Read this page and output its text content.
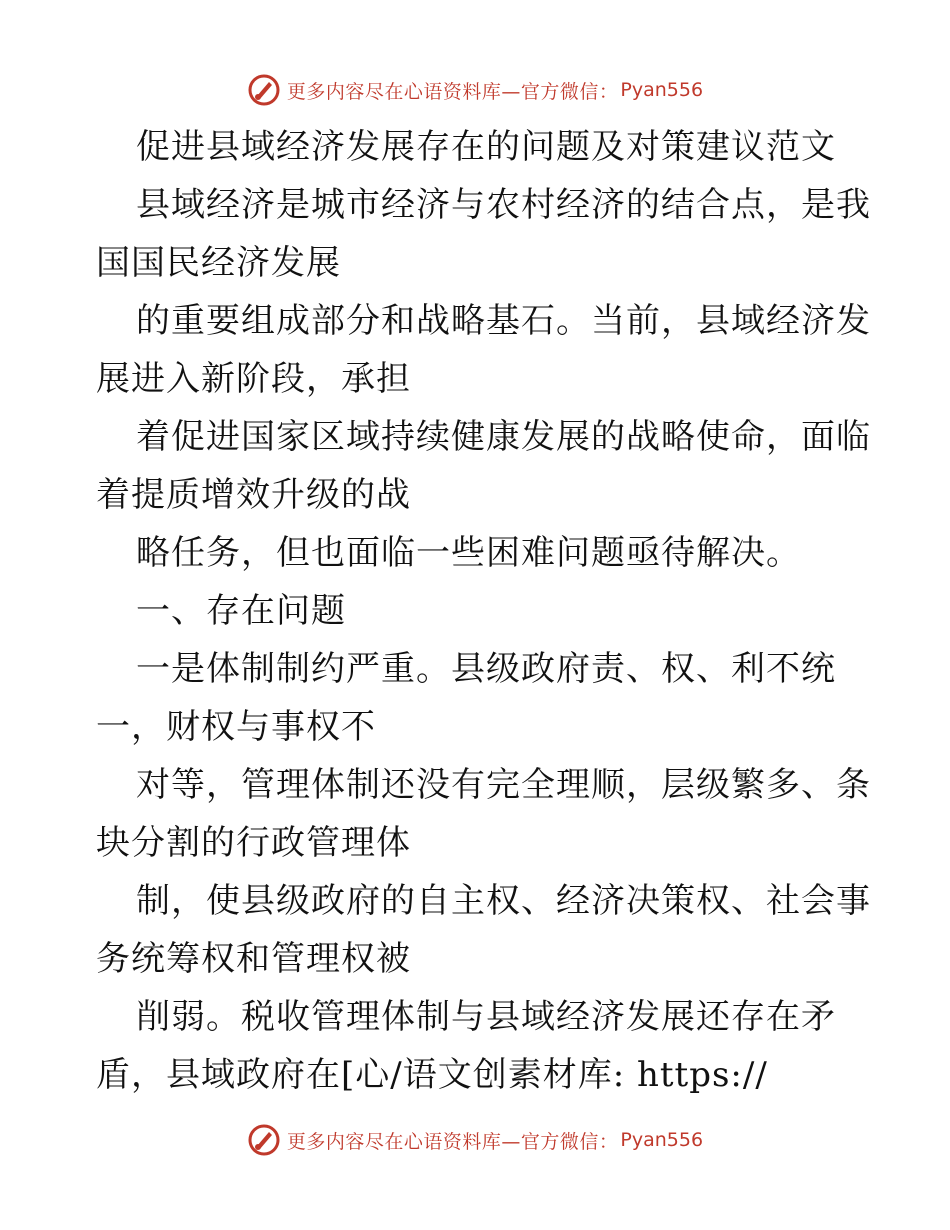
更多内容尽在心语资料库—官方微信： Pyan556
促进县域经济发展存在的问题及对策建议范文
县域经济是城市经济与农村经济的结合点，是我
国国民经济发展
的重要组成部分和战略基石。当前，县域经济发
展进入新阶段，承担
着促进国家区域持续健康发展的战略使命，面临
着提质增效升级的战
略任务，但也面临一些困难问题亟待解决。
一、存在问题
一是体制制约严重。县级政府责、权、利不统
一，财权与事权不
对等，管理体制还没有完全理顺，层级繁多、条
块分割的行政管理体
制，使县级政府的自主权、经济决策权、社会事
务统筹权和管理权被
削弱。税收管理体制与县域经济发展还存在矛
盾，县域政府在[心/语文创素材库: https://
更多内容尽在心语资料库—官方微信： Pyan556
